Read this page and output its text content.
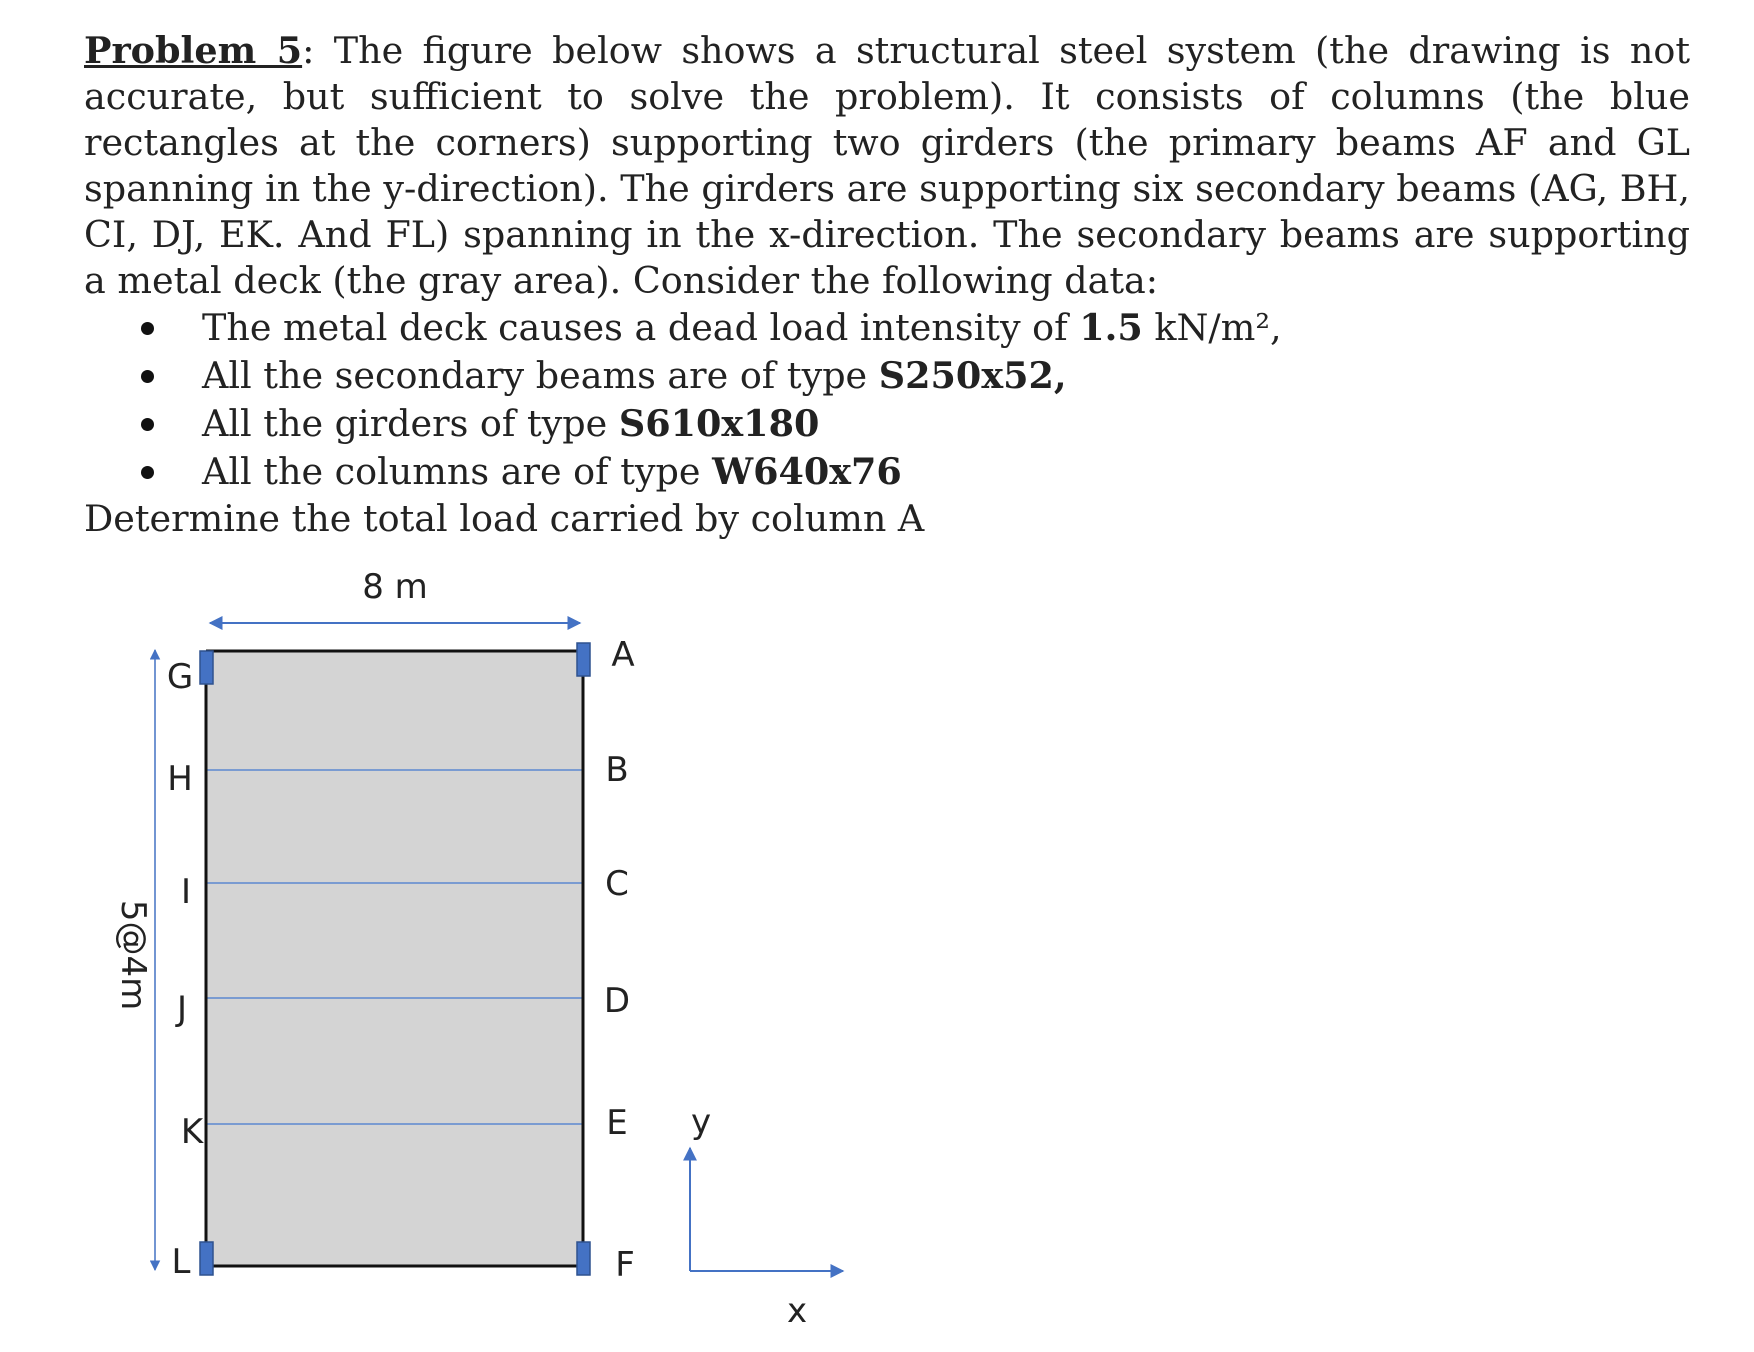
Problem 5: The figure below shows a structural steel system (the drawing is not accurate, but sufficient to solve the problem). It consists of columns (the blue rectangles at the corners) supporting two girders (the primary beams AF and GL spanning in the y-direction). The girders are supporting six secondary beams (AG, BH, CI, DJ, EK. And FL) spanning in the x-direction. The secondary beams are supporting a metal deck (the gray area). Consider the following data:

The metal deck causes a dead load intensity of 1.5 kN/m²,
All the secondary beams are of type S250x52,
All the girders of type S610x180
All the columns are of type W640x76

Determine the total load carried by column A

8 m
5@4m
A
B
C
D
E
F
G
H
I
J
K
L
y
x
